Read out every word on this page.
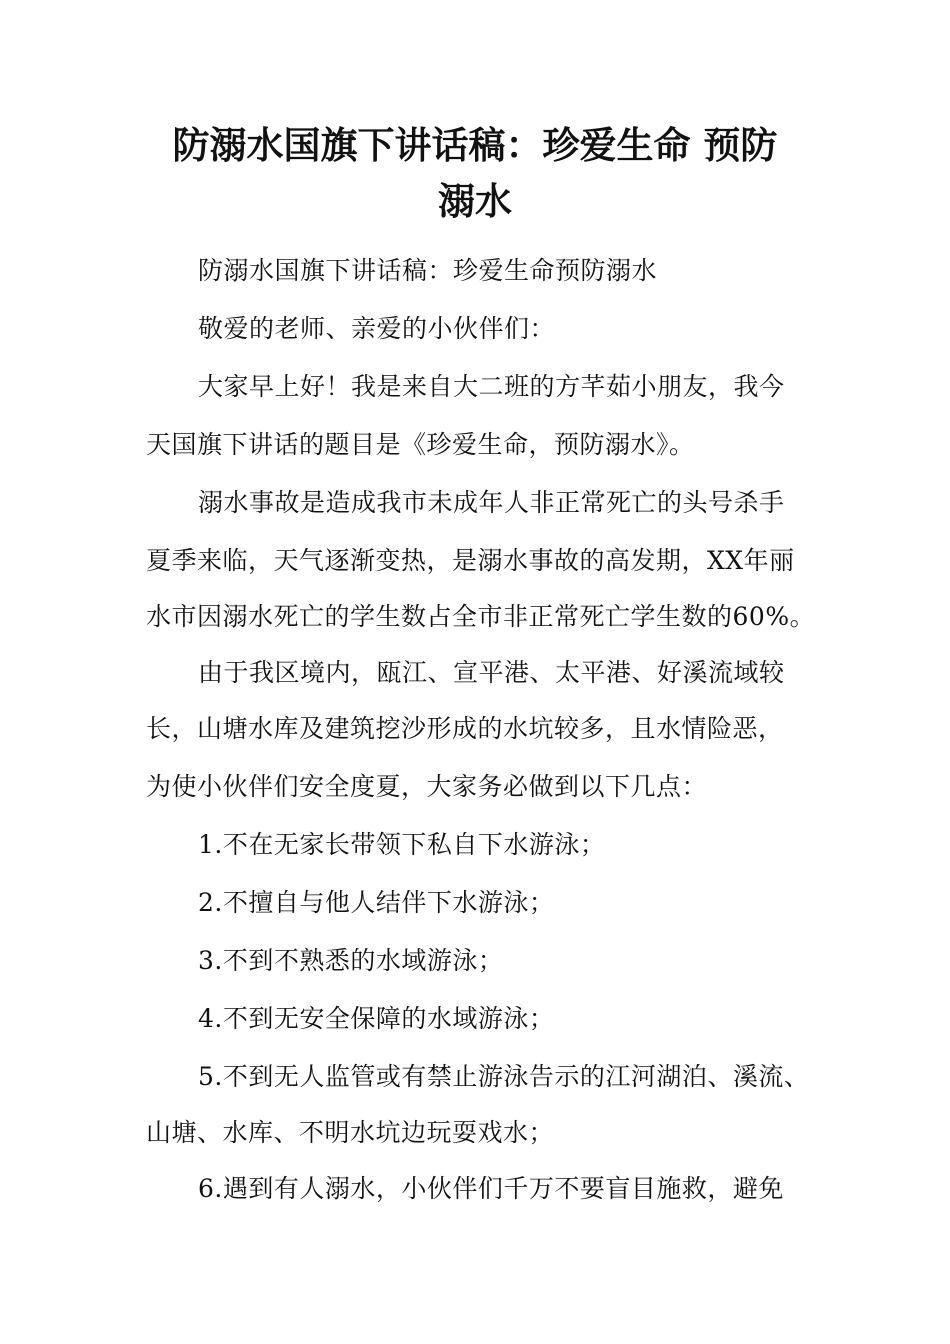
防溺水国旗下讲话稿：珍爱生命 预防
溺水

防溺水国旗下讲话稿：珍爱生命预防溺水

敬爱的老师、亲爱的小伙伴们：

大家早上好！我是来自大二班的方芊茹小朋友，我今

天国旗下讲话的题目是《珍爱生命，预防溺水》。

溺水事故是造成我市未成年人非正常死亡的头号杀手

夏季来临，天气逐渐变热，是溺水事故的高发期，XX年丽

水市因溺水死亡的学生数占全市非正常死亡学生数的60%。

由于我区境内，瓯江、宣平港、太平港、好溪流域较

长，山塘水库及建筑挖沙形成的水坑较多，且水情险恶，

为使小伙伴们安全度夏，大家务必做到以下几点：

1.不在无家长带领下私自下水游泳；

2.不擅自与他人结伴下水游泳；

3.不到不熟悉的水域游泳；

4.不到无安全保障的水域游泳；

5.不到无人监管或有禁止游泳告示的江河湖泊、溪流、

山塘、水库、不明水坑边玩耍戏水；

6.遇到有人溺水，小伙伴们千万不要盲目施救，避免
